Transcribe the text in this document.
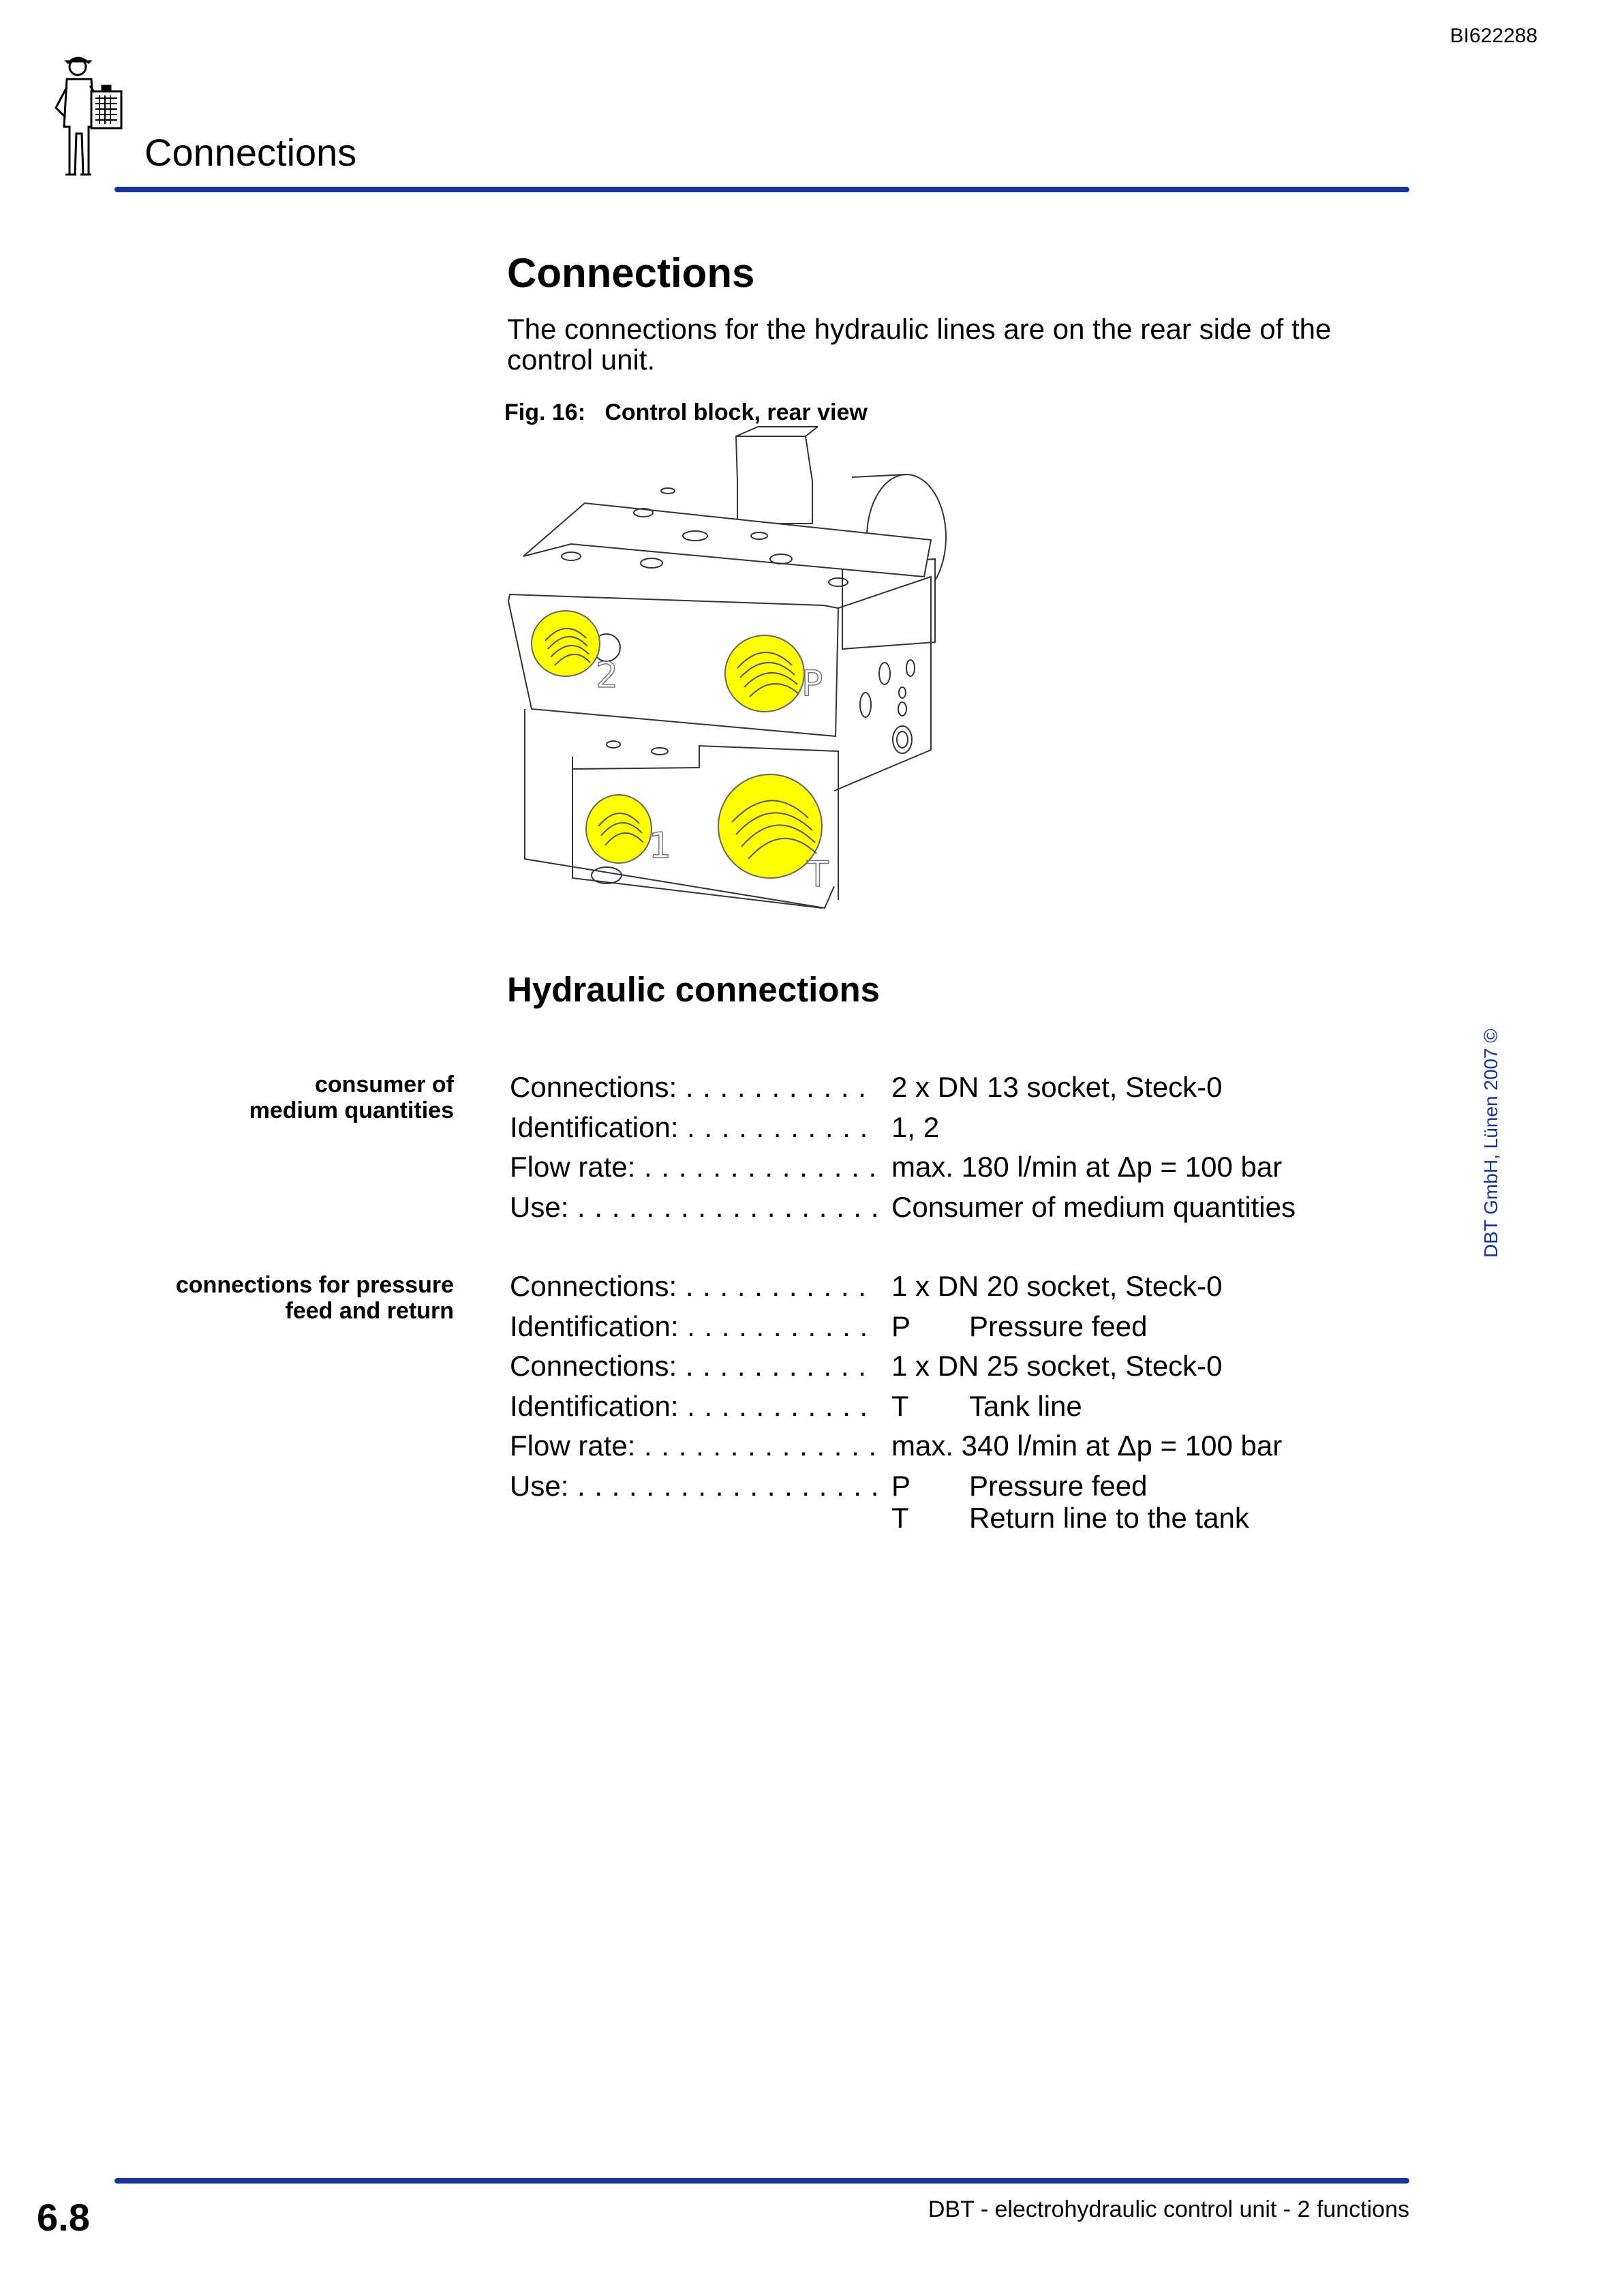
BI622288
Connections
Connections
The connections for the hydraulic lines are on the rear side of the control unit.
Fig. 16:   Control block, rear view
2	P
1
T
Hydraulic connections
consumer of
medium quantities
Connections: . . .	2 x DN 13 socket, Steck-0
Identification: . . .	1, 2
Flow rate: . . .	max. 180 l/min at Δp = 100 bar
Use: . . .	Consumer of medium quantities
connections for pressure
feed and return
Connections: . . .	1 x DN 20 socket, Steck-0
Identification: . . .	P Pressure feed
Connections: . . .	1 x DN 25 socket, Steck-0
Identification: . . .	T Tank line
Flow rate: . . .	max. 340 l/min at Δp = 100 bar
Use: . . .	P Pressure feed
T Return line to the tank
DBT GmbH, Lünen 2007 ©
6.8	DBT - electrohydraulic control unit - 2 functions
